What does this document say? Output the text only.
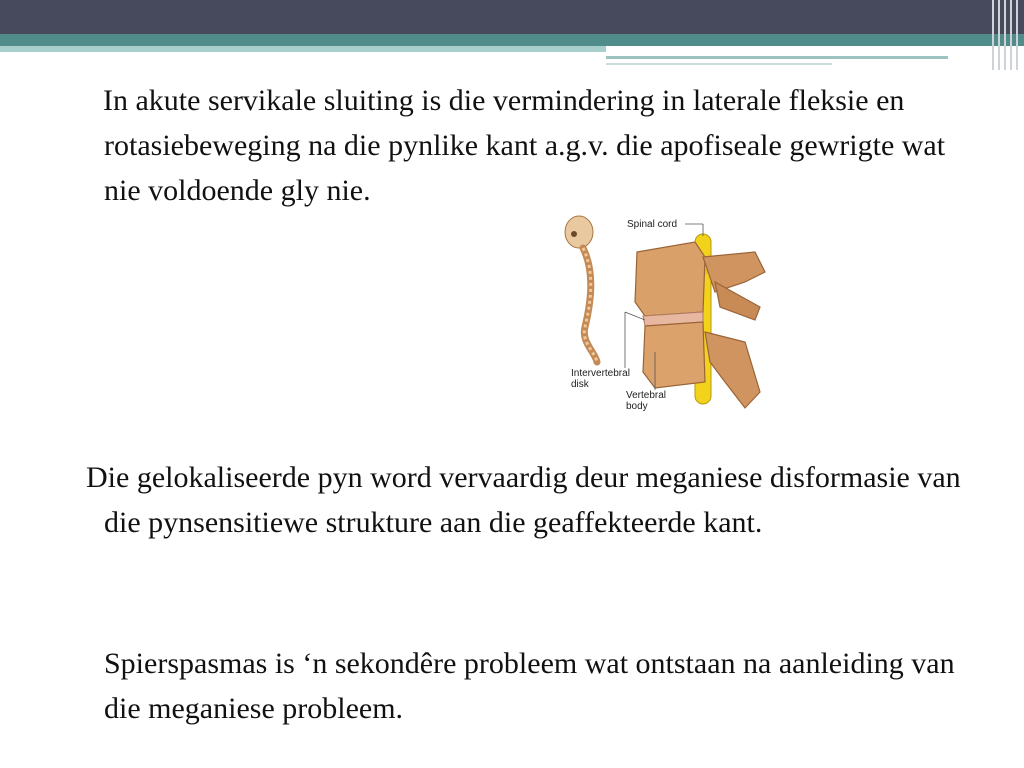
In akute servikale sluiting is die vermindering in laterale fleksie en rotasiebeweging na die pynlike kant a.g.v. die apofiseale gewrigte wat nie voldoende gly nie.

Spinal cord
Intervertebral
disk
Vertebral
body

Die gelokaliseerde pyn word vervaardig deur meganiese disformasie van die pynsensitiewe strukture aan die geaffekteerde kant.

Spierspasmas is ‘n sekondêre probleem wat ontstaan na aanleiding van die meganiese probleem.
